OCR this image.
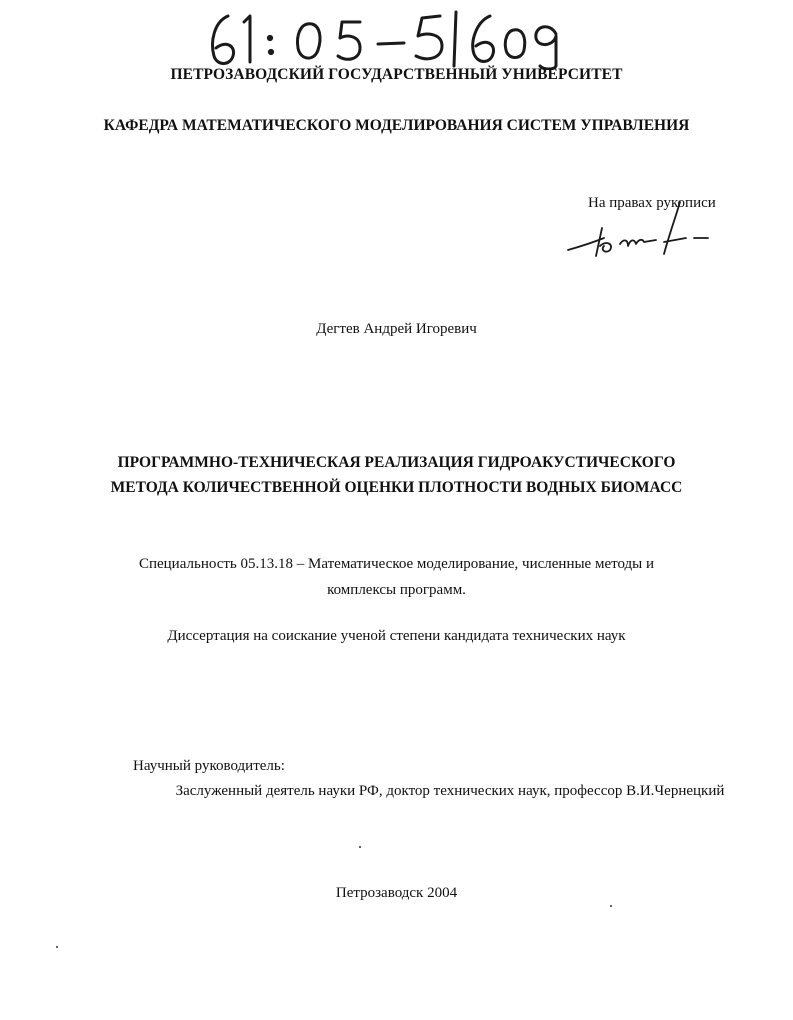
ПЕТРОЗАВОДСКИЙ ГОСУДАРСТВЕННЫЙ УНИВЕРСИТЕТ
КАФЕДРА МАТЕМАТИЧЕСКОГО МОДЕЛИРОВАНИЯ СИСТЕМ УПРАВЛЕНИЯ
На правах рукописи
Дегтев Андрей Игоревич
ПРОГРАММНО-ТЕХНИЧЕСКАЯ РЕАЛИЗАЦИЯ ГИДРОАКУСТИЧЕСКОГО
МЕТОДА КОЛИЧЕСТВЕННОЙ ОЦЕНКИ ПЛОТНОСТИ ВОДНЫХ БИОМАСС
Специальность 05.13.18 – Математическое моделирование, численные методы и
комплексы программ.
Диссертация на соискание ученой степени кандидата технических наук
Научный руководитель:
Заслуженный деятель науки РФ, доктор технических наук, профессор В.И.Чернецкий
Петрозаводск 2004
